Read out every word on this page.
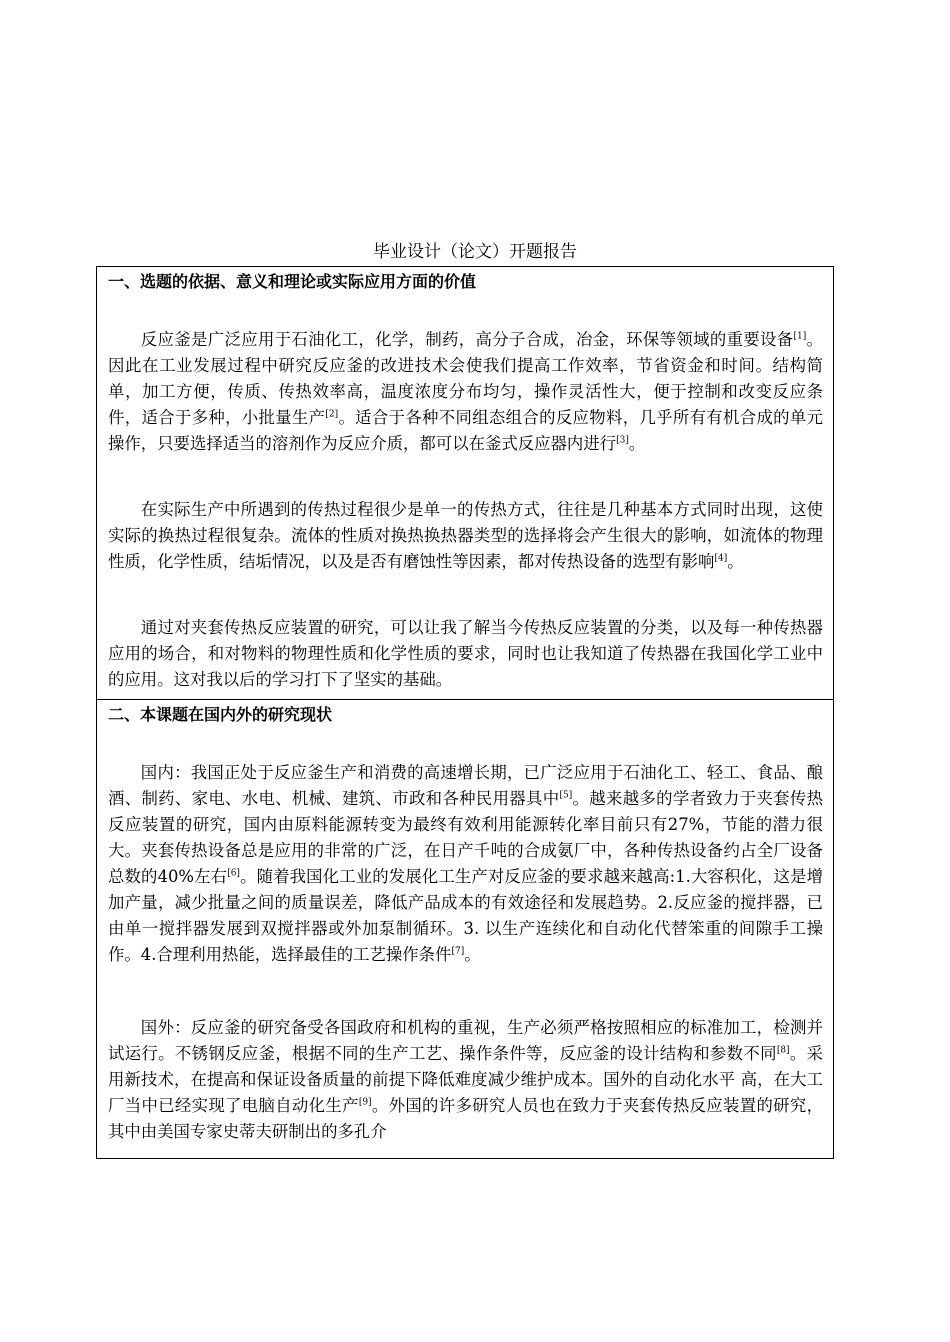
毕业设计（论文）开题报告
一、选题的依据、意义和理论或实际应用方面的价值
反应釜是广泛应用于石油化工，化学，制药，高分子合成，冶金，环保等领域的重要设备[1]。因此在工业发展过程中研究反应釜的改进技术会使我们提高工作效率，节省资金和时间。结构简单，加工方便，传质、传热效率高，温度浓度分布均匀，操作灵活性大，便于控制和改变反应条件，适合于多种，小批量生产[2]。适合于各种不同组态组合的反应物料，几乎所有有机合成的单元操作，只要选择适当的溶剂作为反应介质，都可以在釜式反应器内进行[3]。
在实际生产中所遇到的传热过程很少是单一的传热方式，往往是几种基本方式同时出现，这使实际的换热过程很复杂。流体的性质对换热换热器类型的选择将会产生很大的影响，如流体的物理性质，化学性质，结垢情况，以及是否有磨蚀性等因素，都对传热设备的选型有影响[4]。
通过对夹套传热反应装置的研究，可以让我了解当今传热反应装置的分类，以及每一种传热器应用的场合，和对物料的物理性质和化学性质的要求，同时也让我知道了传热器在我国化学工业中的应用。这对我以后的学习打下了坚实的基础。
二、本课题在国内外的研究现状
国内：我国正处于反应釜生产和消费的高速增长期，已广泛应用于石油化工、轻工、食品、酿酒、制药、家电、水电、机械、建筑、市政和各种民用器具中[5]。越来越多的学者致力于夹套传热反应装置的研究，国内由原料能源转变为最终有效利用能源转化率目前只有27%，节能的潜力很大。夹套传热设备总是应用的非常的广泛，在日产千吨的合成氨厂中，各种传热设备约占全厂设备总数的40%左右[6]。随着我国化工业的发展化工生产对反应釜的要求越来越高:1.大容积化，这是增加产量，减少批量之间的质量误差，降低产品成本的有效途径和发展趋势。2.反应釜的搅拌器，已由单一搅拌器发展到双搅拌器或外加泵制循环。3. 以生产连续化和自动化代替笨重的间隙手工操作。4.合理利用热能，选择最佳的工艺操作条件[7]。
国外：反应釜的研究备受各国政府和机构的重视，生产必须严格按照相应的标准加工，检测并试运行。不锈钢反应釜，根据不同的生产工艺、操作条件等，反应釜的设计结构和参数不同[8]。采用新技术，在提高和保证设备质量的前提下降低难度减少维护成本。国外的自动化水平 高，在大工厂当中已经实现了电脑自动化生产[9]。外国的许多研究人员也在致力于夹套传热反应装置的研究，其中由美国专家史蒂夫研制出的多孔介
